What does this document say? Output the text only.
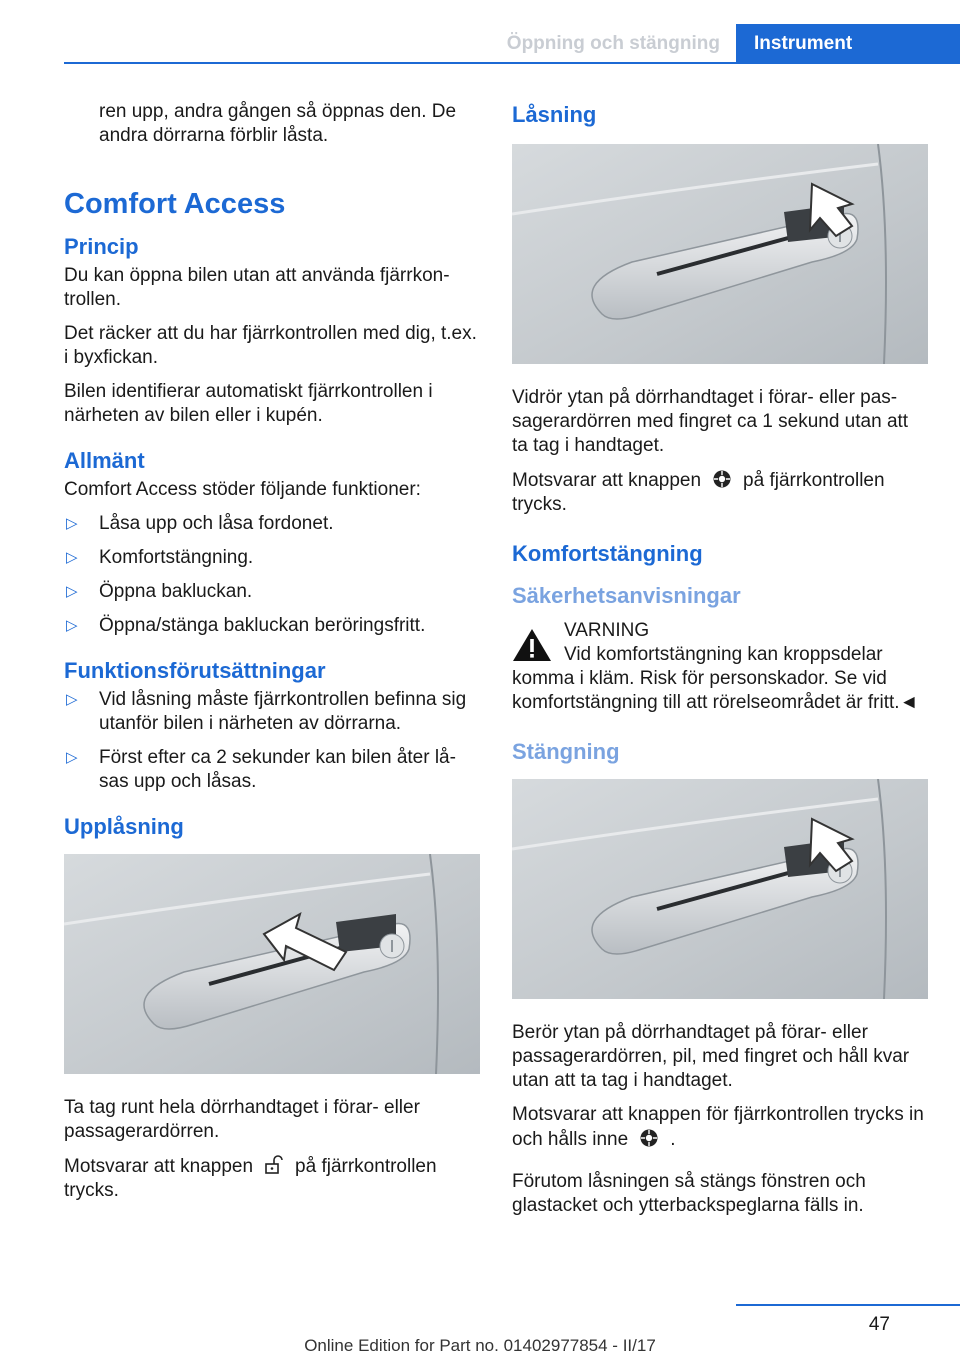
Öppning och stängning	Instrument

ren upp, andra gången så öppnas den. De andra dörrarna förblir låsta.

Comfort Access
Princip

Du kan öppna bilen utan att använda fjärrkon-trollen.

Det räcker att du har fjärrkontrollen med dig, t.ex. i byxfickan.

Bilen identifierar automatiskt fjärrkontrollen i närheten av bilen eller i kupén.

Allmänt

Comfort Access stöder följande funktioner:

▷ Låsa upp och låsa fordonet.
▷ Komfortstängning.
▷ Öppna bakluckan.
▷ Öppna/stänga bakluckan beröringsfritt.
Funktionsförutsättningar
▷ Vid låsning måste fjärrkontrollen befinna sig utanför bilen i närheten av dörrarna.
▷ Först efter ca 2 sekunder kan bilen åter lå-sas upp och låsas.
Upplåsning

Ta tag runt hela dörrhandtaget i förar- eller passagerardörren.

Motsvarar att knappen på fjärrkontrollen trycks.

Låsning

Vidrör ytan på dörrhandtaget i förar- eller pas-sagerardörren med fingret ca 1 sekund utan att ta tag i handtaget.

Motsvarar att knappen på fjärrkontrollen trycks.

Komfortstängning
Säkerhetsanvisningar

VARNING

Vid komfortstängning kan kroppsdelar

komma i kläm. Risk för personskador. Se vid komfortstängning till att rörelseområdet är fritt.◄

Stängning

Berör ytan på dörrhandtaget på förar- eller passagerardörren, pil, med fingret och håll kvar utan att ta tag i handtaget.

Motsvarar att knappen för fjärrkontrollen trycks in och hålls inne .

Förutom låsningen så stängs fönstren och glastacket och ytterbackspeglarna fälls in.

47
Online Edition for Part no. 01402977854 - II/17
